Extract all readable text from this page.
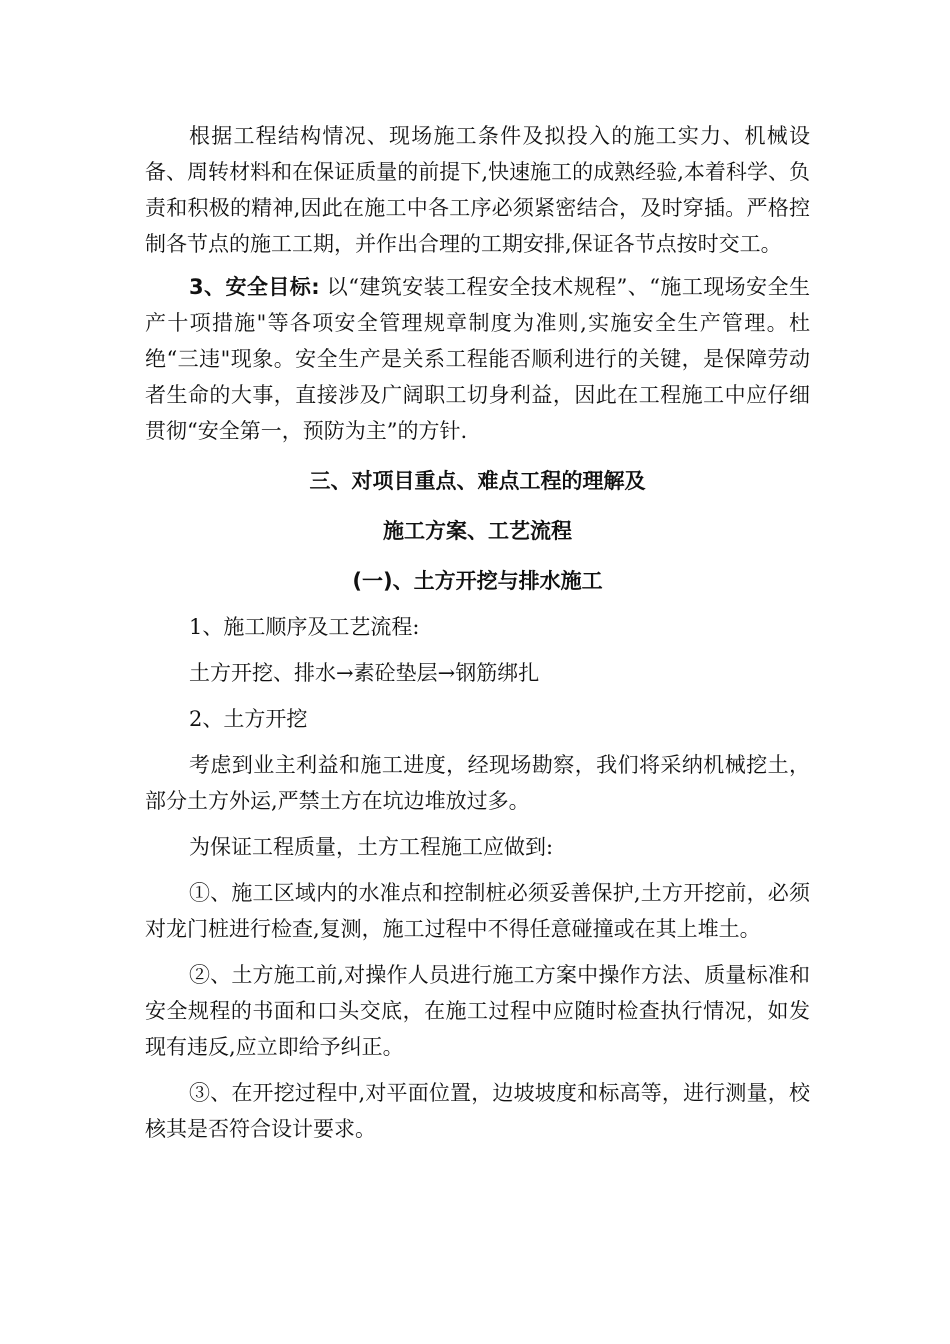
根据工程结构情况、现场施工条件及拟投入的施工实力、机械设备、周转材料和在保证质量的前提下,快速施工的成熟经验,本着科学、负责和积极的精神,因此在施工中各工序必须紧密结合，及时穿插。严格控制各节点的施工工期，并作出合理的工期安排,保证各节点按时交工。

3、安全目标: 以“建筑安装工程安全技术规程”、“施工现场安全生产十项措施"等各项安全管理规章制度为准则,实施安全生产管理。杜绝“三违"现象。安全生产是关系工程能否顺利进行的关键，是保障劳动者生命的大事，直接涉及广阔职工切身利益，因此在工程施工中应仔细贯彻“安全第一，预防为主”的方针.

三、对项目重点、难点工程的理解及

施工方案、工艺流程

(一)、土方开挖与排水施工

1、施工顺序及工艺流程:

土方开挖、排水→素砼垫层→钢筋绑扎

2、土方开挖

考虑到业主利益和施工进度，经现场勘察，我们将采纳机械挖土，部分土方外运,严禁土方在坑边堆放过多。

为保证工程质量，土方工程施工应做到:

①、施工区域内的水准点和控制桩必须妥善保护,土方开挖前，必须对龙门桩进行检查,复测，施工过程中不得任意碰撞或在其上堆土。

②、土方施工前,对操作人员进行施工方案中操作方法、质量标准和安全规程的书面和口头交底，在施工过程中应随时检查执行情况，如发现有违反,应立即给予纠正。

③、在开挖过程中,对平面位置，边坡坡度和标高等，进行测量，校核其是否符合设计要求。
